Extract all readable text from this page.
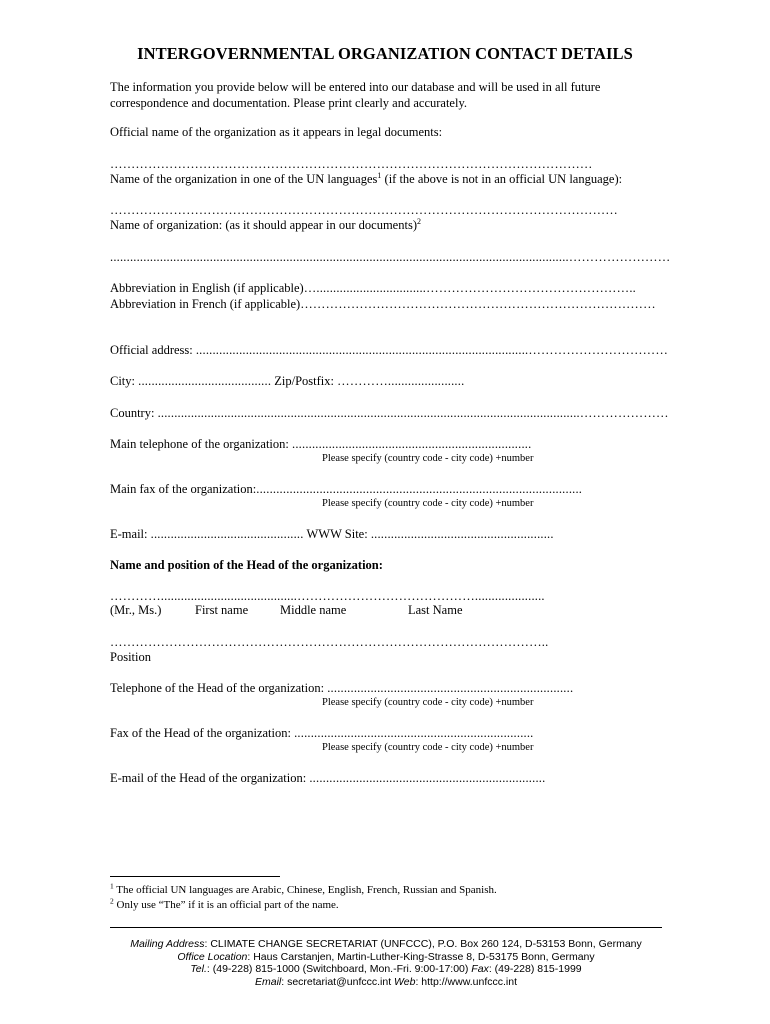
INTERGOVERNMENTAL ORGANIZATION CONTACT DETAILS
The information you provide below will be entered into our database and will be used in all future
correspondence and documentation. Please print clearly and accurately.
Official name of the organization as it appears in legal documents:
……………………………………………………………………………………………………
Name of the organization in one of the UN languages$^1$ (if the above is not in an official UN language):
…………………………………………………………………………………………………………
Name of organization: (as it should appear in our documents)$^2$
..........................................................................................................................................……………………
Abbreviation in English (if applicable)….................................…………………………………………..
Abbreviation in French (if applicable)…………………………………………………………………………
Official address: ....................................................................................................……………………………
City: ........................................ Zip/Postfix: ………….......................
Country: ...............................................................................................................................…………………
Main telephone of the organization: ........................................................................
Please specify (country code - city code) +number
Main fax of the organization:..................................................................................................
Please specify (country code - city code) +number
E-mail: .............................................. WWW Site: .......................................................
Name and position of the Head of the organization:
………….........................................…………………………………….....................
(Mr., Ms.)	First name	Middle name	Last Name
…………………………………………………………………………………………..
Position
Telephone of the Head of the organization: ..........................................................................
Please specify (country code - city code) +number
Fax of the Head of the organization: ........................................................................
Please specify (country code - city code) +number
E-mail of the Head of the organization: .......................................................................
$^1$ The official UN languages are Arabic, Chinese, English, French, Russian and Spanish.
$^2$ Only use “The” if it is an official part of the name.
Mailing Address: CLIMATE CHANGE SECRETARIAT (UNFCCC), P.O. Box 260 124, D-53153 Bonn, Germany
Office Location: Haus Carstanjen, Martin-Luther-King-Strasse 8, D-53175 Bonn, Germany
Tel.: (49-228) 815-1000 (Switchboard, Mon.-Fri. 9:00-17:00) Fax: (49-228) 815-1999
Email: secretariat@unfccc.int Web: http://www.unfccc.int
